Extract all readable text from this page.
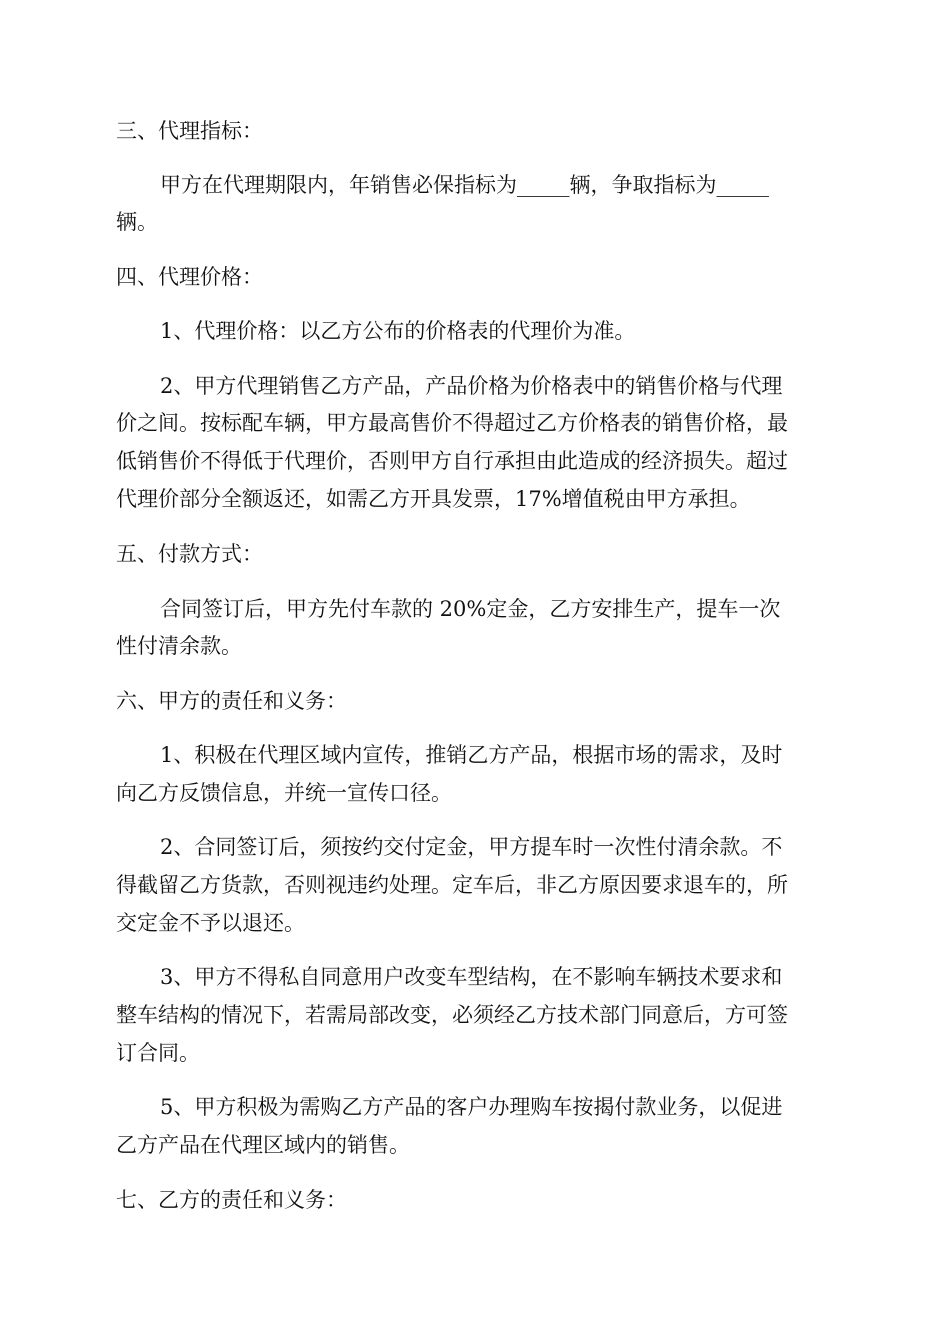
三、代理指标：
甲方在代理期限内，年销售必保指标为_____辆，争取指标为_____
辆。
四、代理价格：
1、代理价格：以乙方公布的价格表的代理价为准。
2、甲方代理销售乙方产品，产品价格为价格表中的销售价格与代理
价之间。按标配车辆，甲方最高售价不得超过乙方价格表的销售价格，最
低销售价不得低于代理价，否则甲方自行承担由此造成的经济损失。超过
代理价部分全额返还，如需乙方开具发票，17%增值税由甲方承担。
五、付款方式：
合同签订后，甲方先付车款的 20%定金，乙方安排生产，提车一次
性付清余款。
六、甲方的责任和义务：
1、积极在代理区域内宣传，推销乙方产品，根据市场的需求，及时
向乙方反馈信息，并统一宣传口径。
2、合同签订后，须按约交付定金，甲方提车时一次性付清余款。不
得截留乙方货款，否则视违约处理。定车后，非乙方原因要求退车的，所
交定金不予以退还。
3、甲方不得私自同意用户改变车型结构，在不影响车辆技术要求和
整车结构的情况下，若需局部改变，必须经乙方技术部门同意后，方可签
订合同。
5、甲方积极为需购乙方产品的客户办理购车按揭付款业务，以促进
乙方产品在代理区域内的销售。
七、乙方的责任和义务：
